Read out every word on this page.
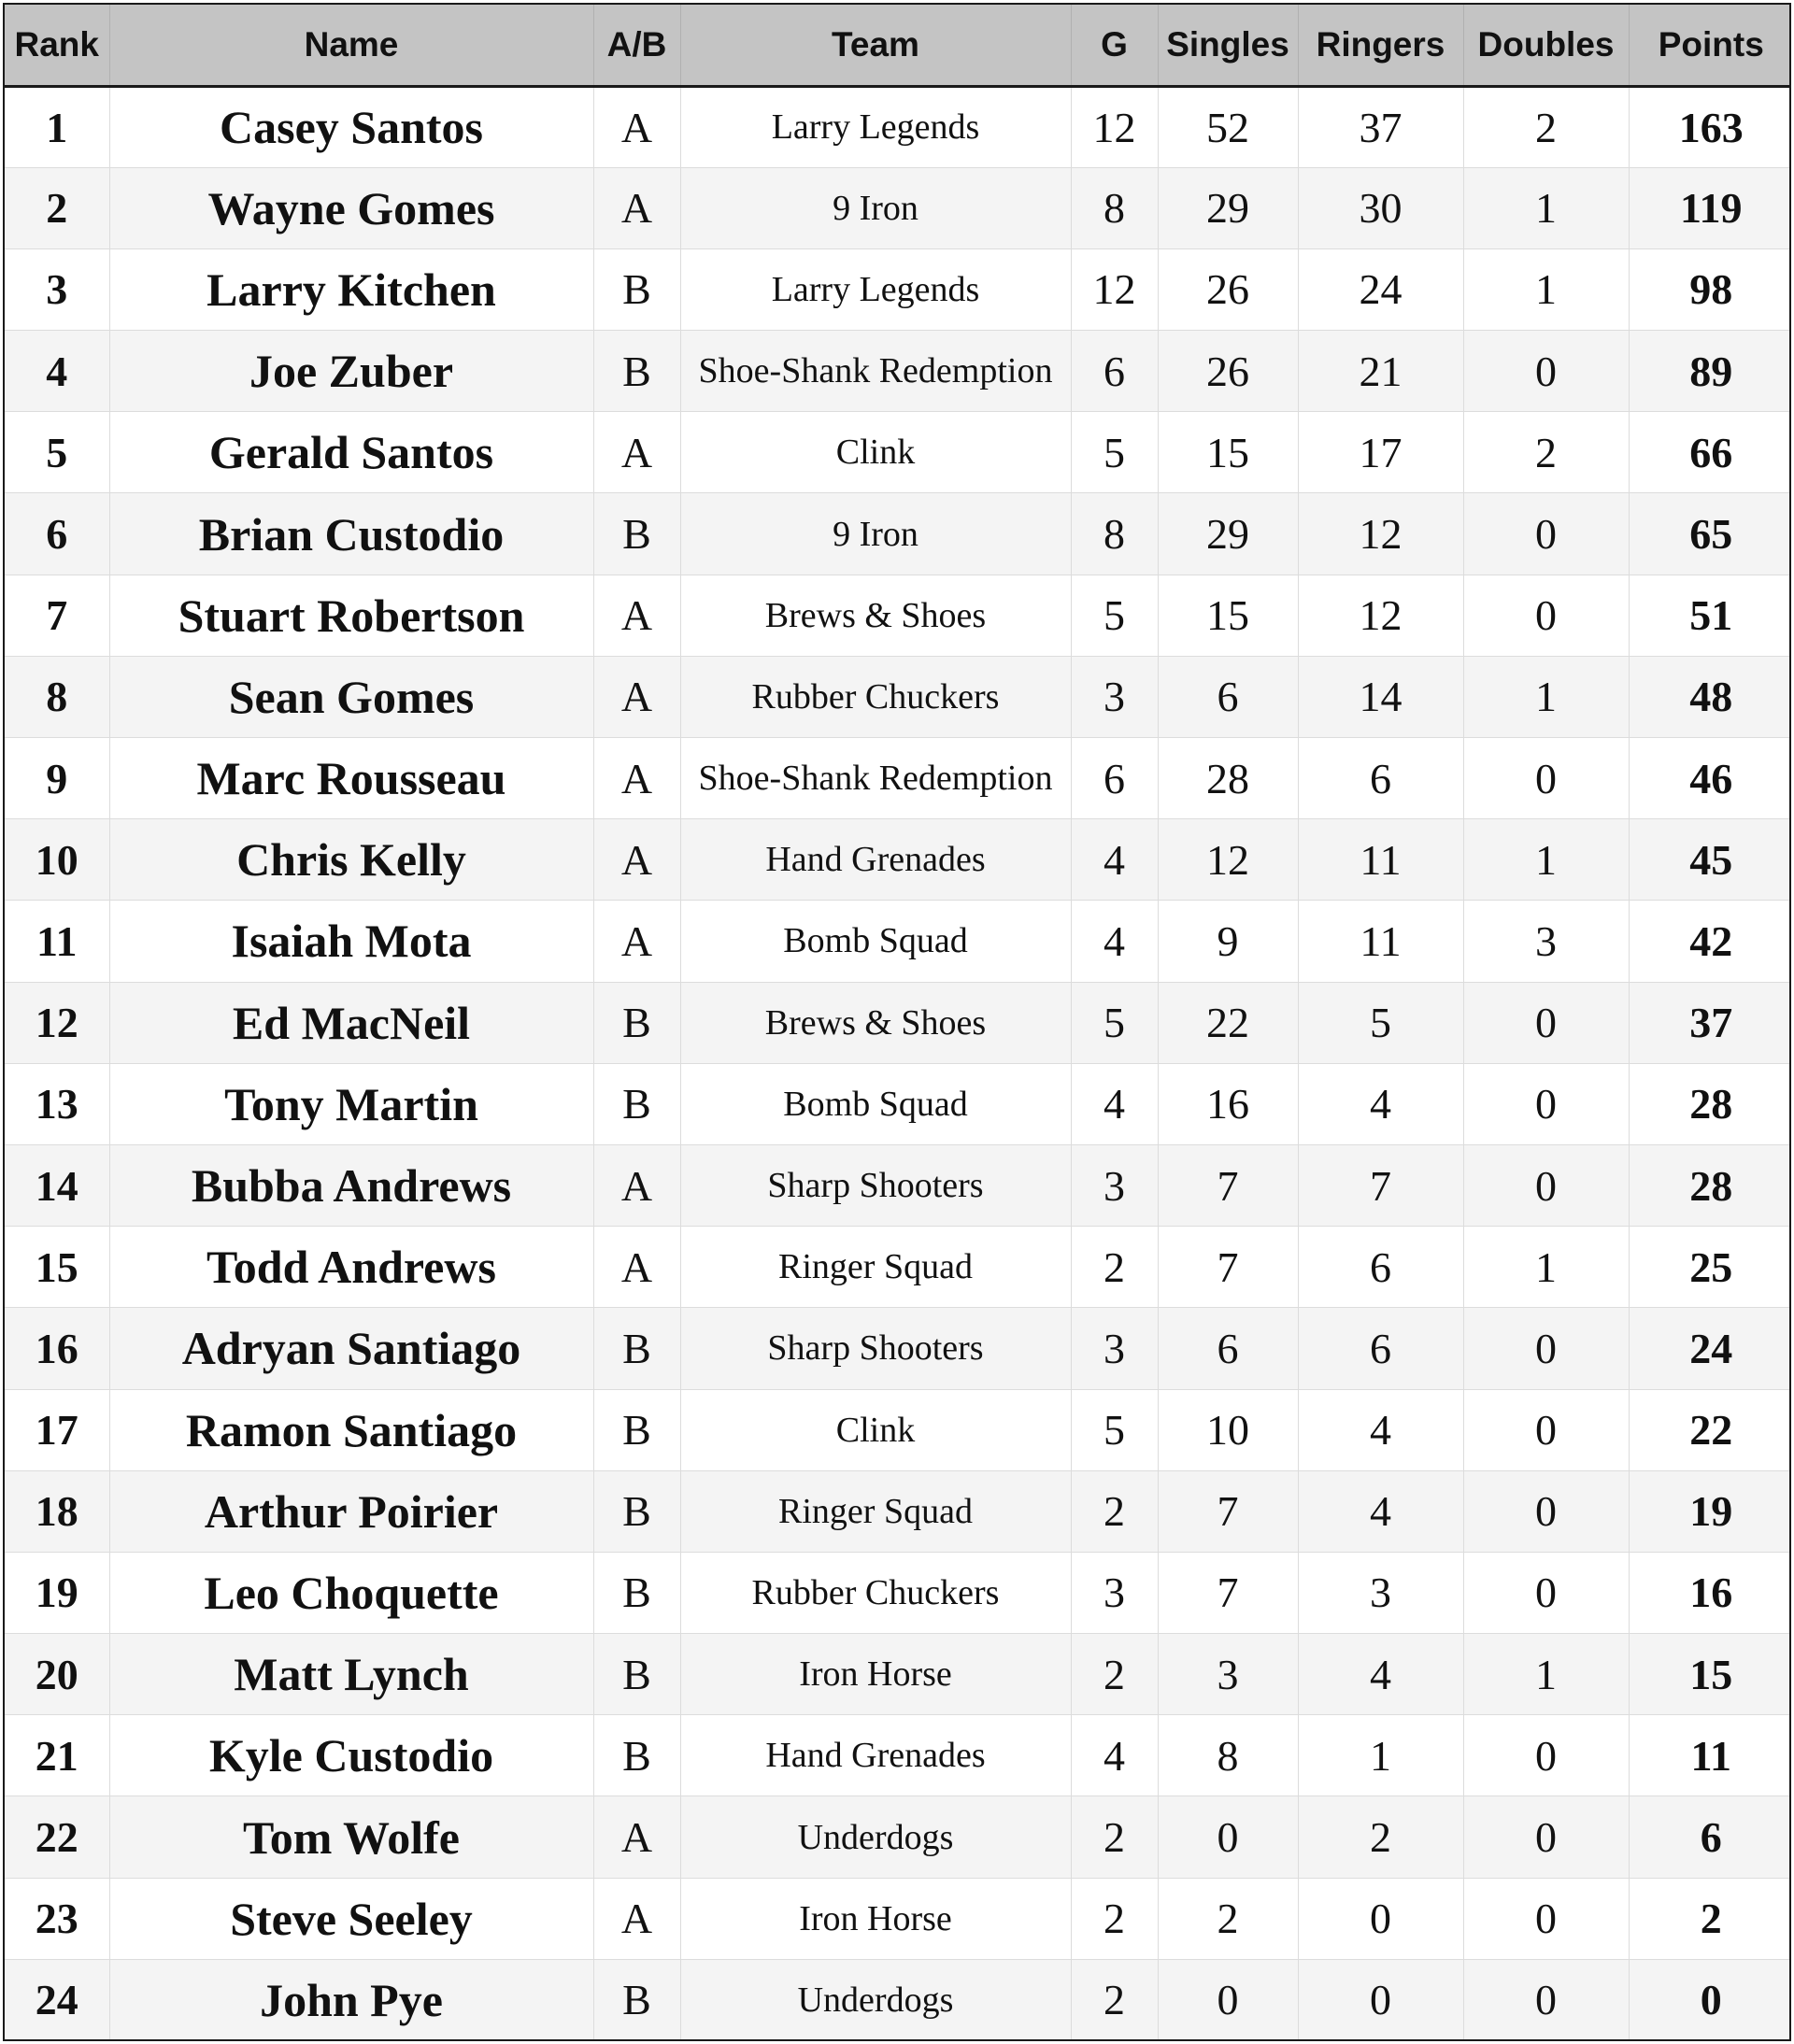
Rank	Name	A/B	Team	G	Singles	Ringers	Doubles	Points
1	Casey Santos	A	Larry Legends	12	52	37	2	163
2	Wayne Gomes	A	9 Iron	8	29	30	1	119
3	Larry Kitchen	B	Larry Legends	12	26	24	1	98
4	Joe Zuber	B	Shoe-Shank Redemption	6	26	21	0	89
5	Gerald Santos	A	Clink	5	15	17	2	66
6	Brian Custodio	B	9 Iron	8	29	12	0	65
7	Stuart Robertson	A	Brews & Shoes	5	15	12	0	51
8	Sean Gomes	A	Rubber Chuckers	3	6	14	1	48
9	Marc Rousseau	A	Shoe-Shank Redemption	6	28	6	0	46
10	Chris Kelly	A	Hand Grenades	4	12	11	1	45
11	Isaiah Mota	A	Bomb Squad	4	9	11	3	42
12	Ed MacNeil	B	Brews & Shoes	5	22	5	0	37
13	Tony Martin	B	Bomb Squad	4	16	4	0	28
14	Bubba Andrews	A	Sharp Shooters	3	7	7	0	28
15	Todd Andrews	A	Ringer Squad	2	7	6	1	25
16	Adryan Santiago	B	Sharp Shooters	3	6	6	0	24
17	Ramon Santiago	B	Clink	5	10	4	0	22
18	Arthur Poirier	B	Ringer Squad	2	7	4	0	19
19	Leo Choquette	B	Rubber Chuckers	3	7	3	0	16
20	Matt Lynch	B	Iron Horse	2	3	4	1	15
21	Kyle Custodio	B	Hand Grenades	4	8	1	0	11
22	Tom Wolfe	A	Underdogs	2	0	2	0	6
23	Steve Seeley	A	Iron Horse	2	2	0	0	2
24	John Pye	B	Underdogs	2	0	0	0	0
